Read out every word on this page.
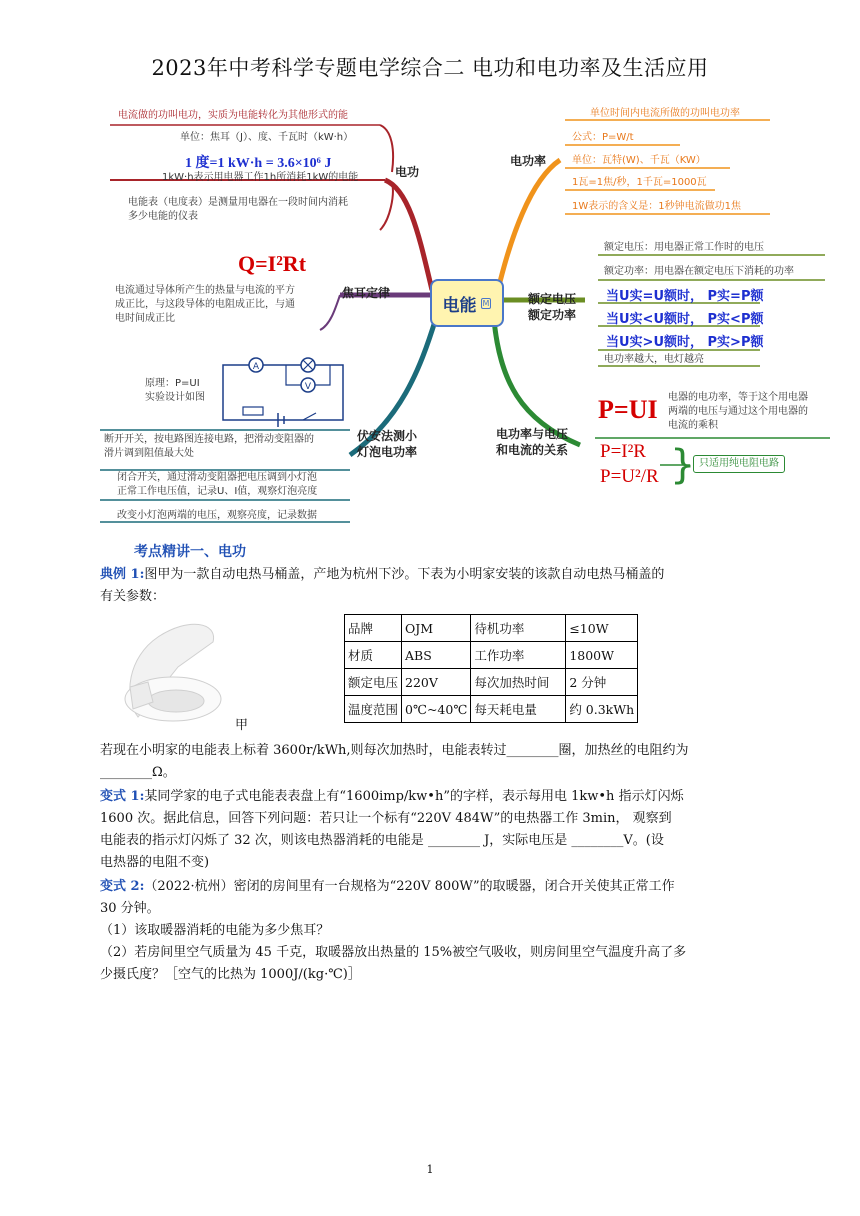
2023年中考科学专题电学综合二 电功和电功率及生活应用
电能 M
电功
电流做的功叫电功，实质为电能转化为其他形式的能
单位：焦耳（J）、度、千瓦时（kW·h）
1 度=1 kW·h = 3.6×10⁶ J
1kW·h表示用电器工作1h所消耗1kW的电能
电能表（电度表）是测量用电器在一段时间内消耗
多少电能的仪表
Q=I²Rt
焦耳定律
电流通过导体所产生的热量与电流的平方
成正比，与这段导体的电阻成正比，与通
电时间成正比
原理：P=UI
实验设计如图
A
V
伏安法测小
灯泡电功率
断开开关，按电路图连接电路，把滑动变阻器的
滑片调到阻值最大处
闭合开关，通过滑动变阻器把电压调到小灯泡
正常工作电压值，记录U、I值，观察灯泡亮度
改变小灯泡两端的电压，观察亮度，记录数据
电功率
单位时间内电流所做的功叫电功率
公式：P=W/t
单位：瓦特(W)、千瓦（KW）
1瓦=1焦/秒，1千瓦=1000瓦
1W表示的含义是：1秒钟电流做功1焦
额定电压
额定功率
额定电压：用电器正常工作时的电压
额定功率：用电器在额定电压下消耗的功率
当U实=U额时， P实=P额
当U实<U额时， P实<P额
当U实>U额时， P实>P额
电功率越大，电灯越亮
电功率与电压
和电流的关系
P=UI 电器的电功率，等于这个用电器
两端的电压与通过这个用电器的
电流的乘积
P=I²R
P=U²/R } 只适用纯电阻电路
考点精讲一、电功
典例 1:图甲为一款自动电热马桶盖，产地为杭州下沙。下表为小明家安装的该款自动电热马桶盖的
有关参数：
甲
品牌	OJM	待机功率	≤10W
材质	ABS	工作功率	1800W
额定电压	220V	每次加热时间	2 分钟
温度范围	0℃~40℃	每天耗电量	约 0.3kWh
若现在小明家的电能表上标着 3600r/kWh,则每次加热时，电能表转过________圈，加热丝的电阻约为
________Ω。
变式 1:某同学家的电子式电能表表盘上有“1600imp/kw•h”的字样，表示每用电 1kw•h 指示灯闪烁
1600 次。据此信息，回答下列问题：若只让一个标有“220V 484W”的电热器工作 3min， 观察到
电能表的指示灯闪烁了 32 次，则该电热器消耗的电能是 ________ J，实际电压是 ________V。(设
电热器的电阻不变)
变式 2:（2022·杭州）密闭的房间里有一台规格为“220V 800W”的取暖器，闭合开关使其正常工作
30 分钟。
（1）该取暖器消耗的电能为多少焦耳？
（2）若房间里空气质量为 45 千克，取暖器放出热量的 15%被空气吸收，则房间里空气温度升高了多
少摄氏度？［空气的比热为 1000J/(kg·℃)］
1
